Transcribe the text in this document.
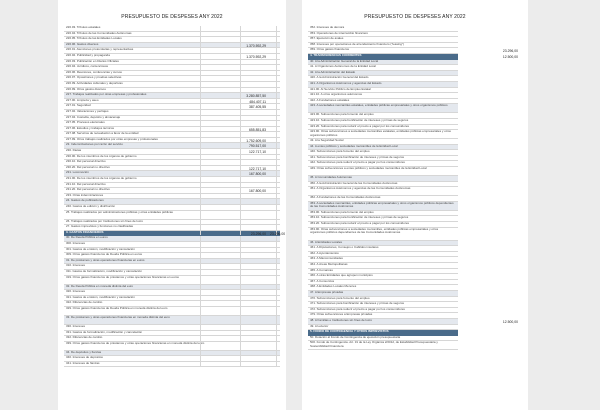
PRESUPUESTO DE DESPESES ANY 2022
226.03. Tributos estatales
226.04. Tributos de las Comunidades Autónomas
226.05. Tributos de las Entidades Locales
226.06. Gastos diversos
226.01. Atenciones protocolarias y representativas
226.02. Publicidad y propaganda
226.03. Publicación en Diarios Oficiales
226.04. Jurídicos, contenciosos
226.06. Reuniones, conferencias y cursos
226.07. Oposiciones y pruebas selectivas
226.09. Actividades culturales y deportivas
226.99. Otros gastos diversos
227. Trabajos realizados por otras empresas y profesionales
227.00. Limpieza y aseo
227.01. Seguridad
227.02. Valoraciones y peritajes
227.04. Custodia, depósito y almacenaje
227.05. Procesos electorales
227.06. Estudios y trabajos técnicos
227.08. Servicios de recaudación a favor de la entidad
227.99. Otros trabajos realizados por otras empresas y profesionales
23. Indemnizaciones por razón del servicio
230. Dietas
230.00. De los miembros de los órganos de gobierno
230.10. Del personal directivo
230.20. Del personal no directivo
231. Locomoción
231.00. De los miembros de los órganos de gobierno
231.10. Del personal directivo
231.20. Del personal no directivo
233. Otras indemnizaciones
24. Gastos de publicaciones
240. Gastos de edición y distribución
25. Trabajos realizados por administraciones públicas y otras entidades públicas
26. Trabajos realizados por Instituciones sin fines de lucro
27. Gastos imprevistos y funciones no clasificadas
3. GASTOS FINANCIEROS
30. De Deuda Pública en euros
300. Intereses
301. Gastos de emisión, modificación y cancelación
309. Otros gastos financieros de Deuda Pública en euros
31. De préstamos y otras operaciones financieras en euros
310. Intereses
311. Gastos de formalización, modificación y cancelación
319. Otros gastos financieros de préstamos y otras operaciones financieras en euros
32. De Deuda Pública en moneda distinta del euro
320. Intereses
321. Gastos de emisión, modificación y cancelación
322. Diferencias de cambio
329. Otros gastos financieros de Deuda Pública en moneda distinta del euro
33. De préstamos y otras operaciones financieras en moneda distinta del euro
330. Intereses
331. Gastos de formalización, modificación y cancelación
332. Diferencias de cambio
339. Otros gastos financieros de préstamos y otras operaciones financieras en moneda distinta del euro
34. De depósitos y fianzas
340. Intereses de depósitos
341. Intereses de fianzas
1.370.592,29
1.370.592,29
3.280.857,50
484.407,11
387.405,55
655.851,83
1.752.609,00
790.517,00
122.717,10
122.717,10
167.800,00
167.800,00
23.296,00 23.296,00
PRESUPUESTO DE DESPESES ANY 2022
352. Intereses de demora
353. Operaciones de intercambio financiero
357. Ejecución de avales
358. Intereses por operaciones de arrendamiento financiero ("leasing")
359. Otros gastos financieros
4. TRANSFERENCIAS CORRIENTES
40. A la Administración General de la Entidad Local
41. A Organismos Autónomos de la Entidad Local
42. A la Administración del Estado
420. A la Administración General del Estado
421. A Organismos Autónomos y agencias del Estado
421.00. Al Servicio Público de Empleo Estatal
421.10. A otros organismos autónomos
422. A Fundaciones estatales
423. A sociedades mercantiles estatales, entidades públicas empresariales y otros organismos públicos
423.00. Subvenciones para fomento del empleo
423.10. Subvenciones para bonificación de intereses y primas de seguros
423.20. Subvenciones para reducir el precio a pagar por los consumidores
423.90. Otras subvenciones a sociedades mercantiles estatales, entidades públicas empresariales y otros organismos públicos
43. A la Seguridad Social
44. A entes públicos y sociedades mercantiles de la Entidad Local
440. Subvenciones para fomento del empleo
441. Subvenciones para bonificación de intereses y primas de seguros
442. Subvenciones para reducir el precio a pagar por los consumidores
449. Otras subvenciones a entes públicos y sociedades mercantiles de la Entidad Local
45. A Comunidades Autónomas
450. A la Administración General de las Comunidades Autónomas
451. A Organismos Autónomos y agencias de las Comunidades Autónomas
452. A Fundaciones de las Comunidades Autónomas
453. A sociedades mercantiles, entidades públicas empresariales y otros organismos públicos dependientes de las Comunidades Autónomas
453.00. Subvenciones para fomento del empleo
453.10. Subvenciones para bonificación de intereses y primas de seguros
453.20. Subvenciones para reducir el precio a pagar por los consumidores
453.90. Otras subvenciones a sociedades mercantiles, entidades públicas empresariales y otros organismos públicos dependientes de las Comunidades Autónomas
46. A Entidades Locales
461. A Diputaciones, Consejos o Cabildos insulares
462. A Ayuntamientos
463. A Mancomunidades
464. A Áreas Metropolitanas
465. A Comarcas
466. A otras Entidades que agrupen municipios
467. A Consorcios
468. A Entidades Locales Menores
47. A Empresas privadas
470. Subvenciones para fomento del empleo
471. Subvenciones para bonificación de intereses y primas de seguros
472. Subvenciones para reducir el precio a pagar por los consumidores
479. Otras subvenciones a Empresas privadas
48. A Familias e Instituciones sin fines de lucro
49. Al exterior
5. FONDO DE CONTINGENCIA Y OTROS IMPREVISTOS
50. Dotación al Fondo de Contingencia de ejecución presupuestaria
500. Fondo de Contingencia. Art. 31 de la Ley Orgánica 2/2012, de Estabilidad Presupuestaria y Sostenibilidad Financiera
23.296,00
12.500,00
12.500,00
